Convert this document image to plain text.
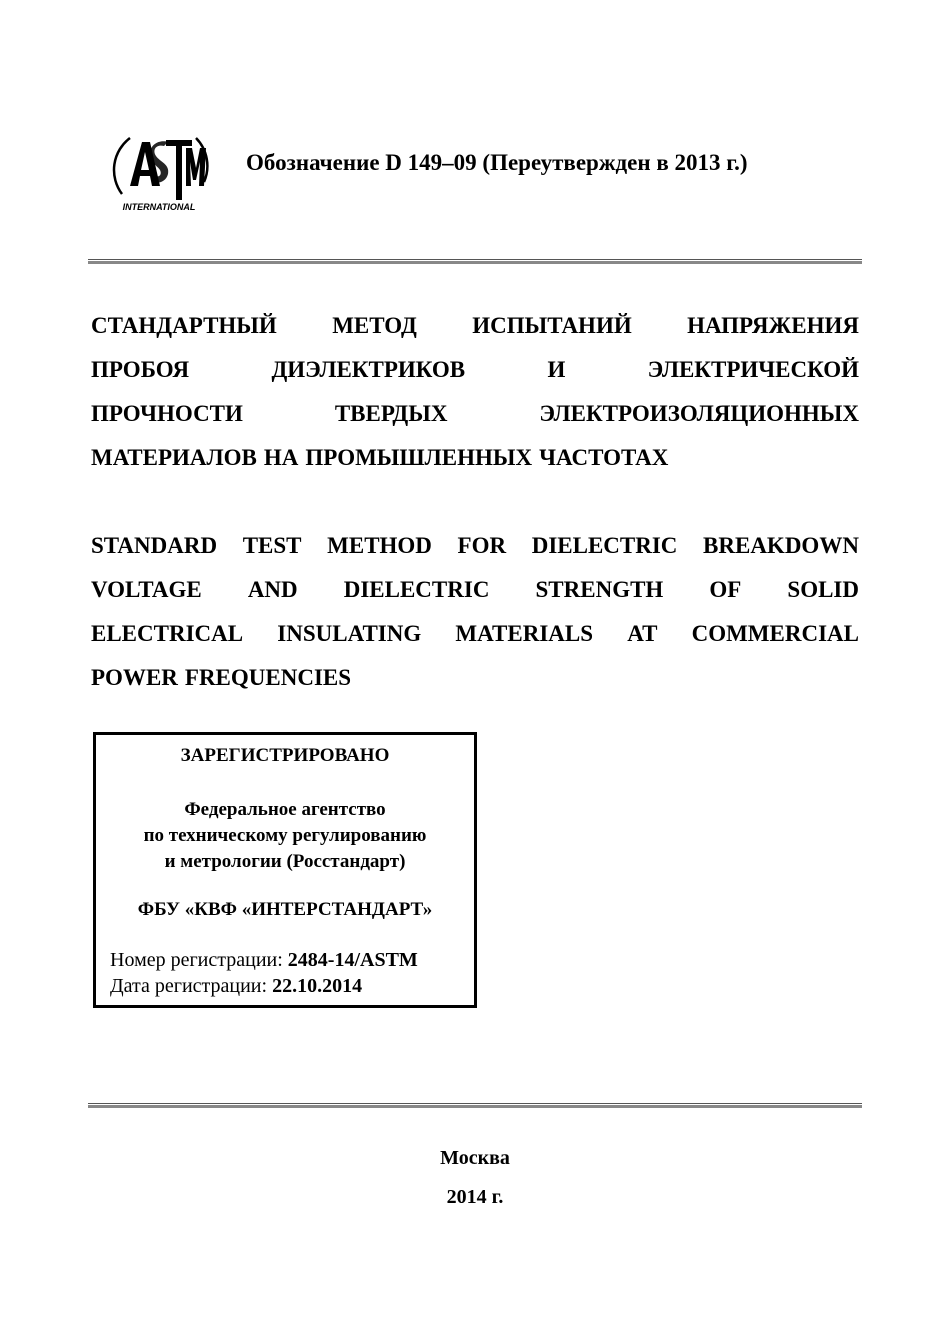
INTERNATIONAL
Обозначение D 149–09 (Переутвержден в 2013 г.)
СТАНДАРТНЫЙ МЕТОД ИСПЫТАНИЙ НАПРЯЖЕНИЯ
ПРОБОЯ	ДИЭЛЕКТРИКОВ	И	ЭЛЕКТРИЧЕСКОЙ
ПРОЧНОСТИ	ТВЕРДЫХ	ЭЛЕКТРОИЗОЛЯЦИОННЫХ
МАТЕРИАЛОВ НА ПРОМЫШЛЕННЫХ ЧАСТОТАХ
STANDARD TEST METHOD FOR DIELECTRIC BREAKDOWN
VOLTAGE AND DIELECTRIC STRENGTH OF SOLID
ELECTRICAL INSULATING MATERIALS AT COMMERCIAL
POWER FREQUENCIES
ЗАРЕГИСТРИРОВАНО
Федеральное агентство
по техническому регулированию
и метрологии (Росстандарт)
ФБУ «КВФ «ИНТЕРСТАНДАРТ»
Номер регистрации: 2484-14/ASTM
Дата регистрации: 22.10.2014
Москва
2014 г.
